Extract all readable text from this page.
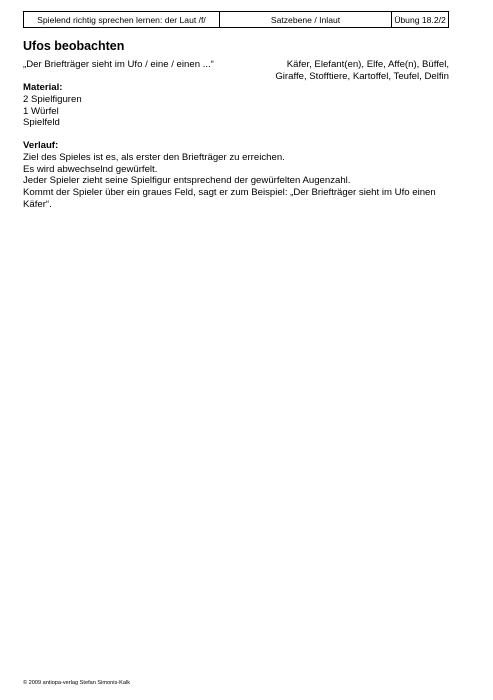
Spielend richtig sprechen lernen: der Laut /f/	Satzebene / Inlaut	Übung 18.2/2
Ufos beobachten
„Der Briefträger sieht im Ufo / eine / einen ...“	Käfer, Elefant(en), Elfe, Affe(n), Büffel,
Giraffe, Stofftiere, Kartoffel, Teufel, Delfin
Material:
2 Spielfiguren
1 Würfel
Spielfeld
Verlauf:
Ziel des Spieles ist es, als erster den Briefträger zu erreichen.
Es wird abwechselnd gewürfelt.
Jeder Spieler zieht seine Spielfigur entsprechend der gewürfelten Augenzahl.
Kommt der Spieler über ein graues Feld, sagt er zum Beispiel: „Der Briefträger sieht im Ufo einen Käfer“.
© 2009 antiopa-verlag Stefan Simonis-Kalk
